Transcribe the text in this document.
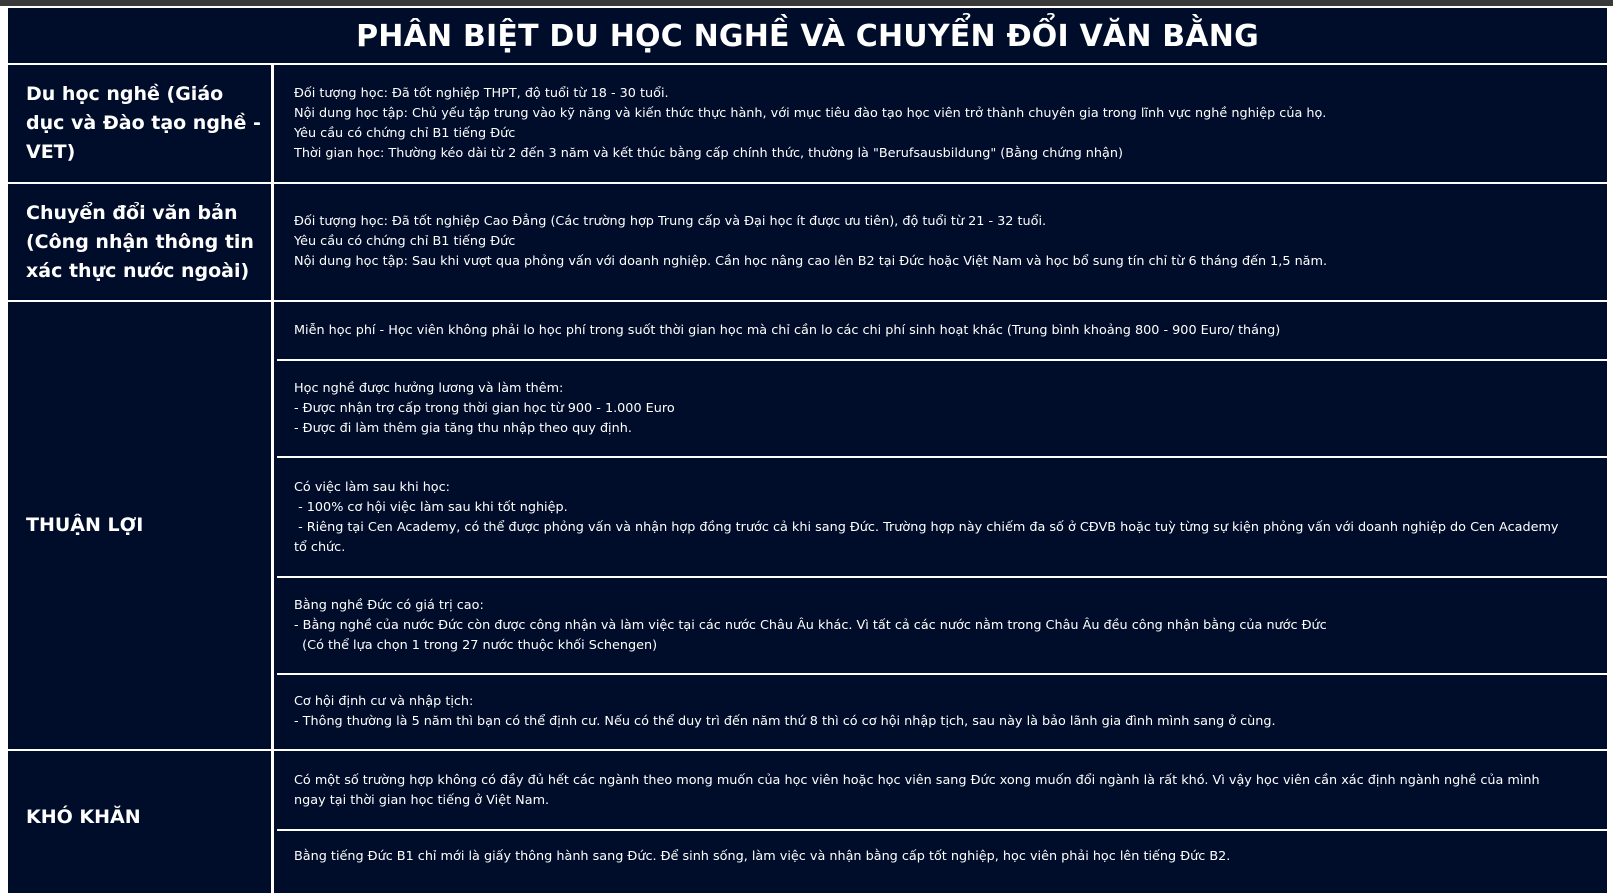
PHÂN BIỆT DU HỌC NGHỀ VÀ CHUYỂN ĐỔI VĂN BẰNG
Du học nghề (Giáo dục và Đào tạo nghề - VET)
Đối tượng học: Đã tốt nghiệp THPT, độ tuổi từ 18 - 30 tuổi.
Nội dung học tập: Chủ yếu tập trung vào kỹ năng và kiến thức thực hành, với mục tiêu đào tạo học viên trở thành chuyên gia trong lĩnh vực nghề nghiệp của họ.
Yêu cầu có chứng chỉ B1 tiếng Đức
Thời gian học: Thường kéo dài từ 2 đến 3 năm và kết thúc bằng cấp chính thức, thường là "Berufsausbildung" (Bằng chứng nhận)
Chuyển đổi văn bản (Công nhận thông tin xác thực nước ngoài)
Đối tượng học: Đã tốt nghiệp Cao Đẳng (Các trường hợp Trung cấp và Đại học ít được ưu tiên), độ tuổi từ 21 - 32 tuổi.
Yêu cầu có chứng chỉ B1 tiếng Đức
Nội dung học tập: Sau khi vượt qua phỏng vấn với doanh nghiệp. Cần học nâng cao lên B2 tại Đức hoặc Việt Nam và học bổ sung tín chỉ từ 6 tháng đến 1,5 năm.
THUẬN LỢI
Miễn học phí - Học viên không phải lo học phí trong suốt thời gian học mà chỉ cần lo các chi phí sinh hoạt khác (Trung bình khoảng 800 - 900 Euro/ tháng)
Học nghề được hưởng lương và làm thêm:
- Được nhận trợ cấp trong thời gian học từ 900 - 1.000 Euro
- Được đi làm thêm gia tăng thu nhập theo quy định.
Có việc làm sau khi học:
- 100% cơ hội việc làm sau khi tốt nghiệp.
- Riêng tại Cen Academy, có thể được phỏng vấn và nhận hợp đồng trước cả khi sang Đức. Trường hợp này chiếm đa số ở CĐVB hoặc tuỳ từng sự kiện phỏng vấn với doanh nghiệp do Cen Academy tổ chức.
Bằng nghề Đức có giá trị cao:
- Bằng nghề của nước Đức còn được công nhận và làm việc tại các nước Châu Âu khác. Vì tất cả các nước nằm trong Châu Âu đều công nhận bằng của nước Đức
(Có thể lựa chọn 1 trong 27 nước thuộc khối Schengen)
Cơ hội định cư và nhập tịch:
- Thông thường là 5 năm thì bạn có thể định cư. Nếu có thể duy trì đến năm thứ 8 thì có cơ hội nhập tịch, sau này là bảo lãnh gia đình mình sang ở cùng.
KHÓ KHĂN
Có một số trường hợp không có đầy đủ hết các ngành theo mong muốn của học viên hoặc học viên sang Đức xong muốn đổi ngành là rất khó. Vì vậy học viên cần xác định ngành nghề của mình ngay tại thời gian học tiếng ở Việt Nam.
Bằng tiếng Đức B1 chỉ mới là giấy thông hành sang Đức. Để sinh sống, làm việc và nhận bằng cấp tốt nghiệp, học viên phải học lên tiếng Đức B2.
